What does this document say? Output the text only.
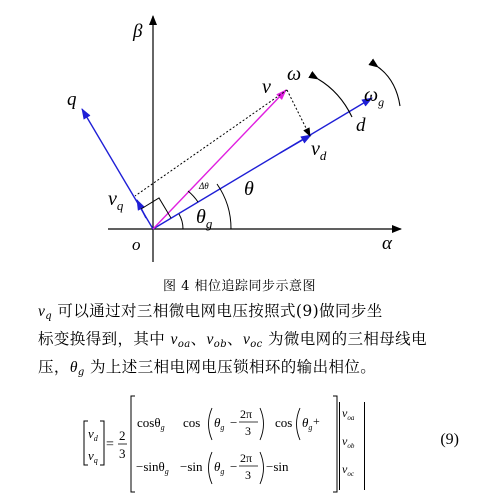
β
α
o
q
d
v
$v_d$
$v_q$
ω
$\omega_g$
θ
$\theta_g$
Δθ
图 4 相位追踪同步示意图
$v_q$ 可以通过对三相微电网电压按照式(9)做同步坐
标变换得到，其中 $v_{oa}$、$v_{ob}$、$v_{oc}$ 为微电网的三相母线电
压，$\theta_g$ 为上述三相电网电压锁相环的输出相位。
$v_d$
$v_q$
=
2
3
cosθ$_g$ $\cos \theta_g$ −
2π
3
$\cos \theta_g$
−sinθ$_g$ −sin $\theta_g$ −
2π
3
−sin
+
$v_{oa}$
$v_{ob}$
$v_{oc}$
(9)
